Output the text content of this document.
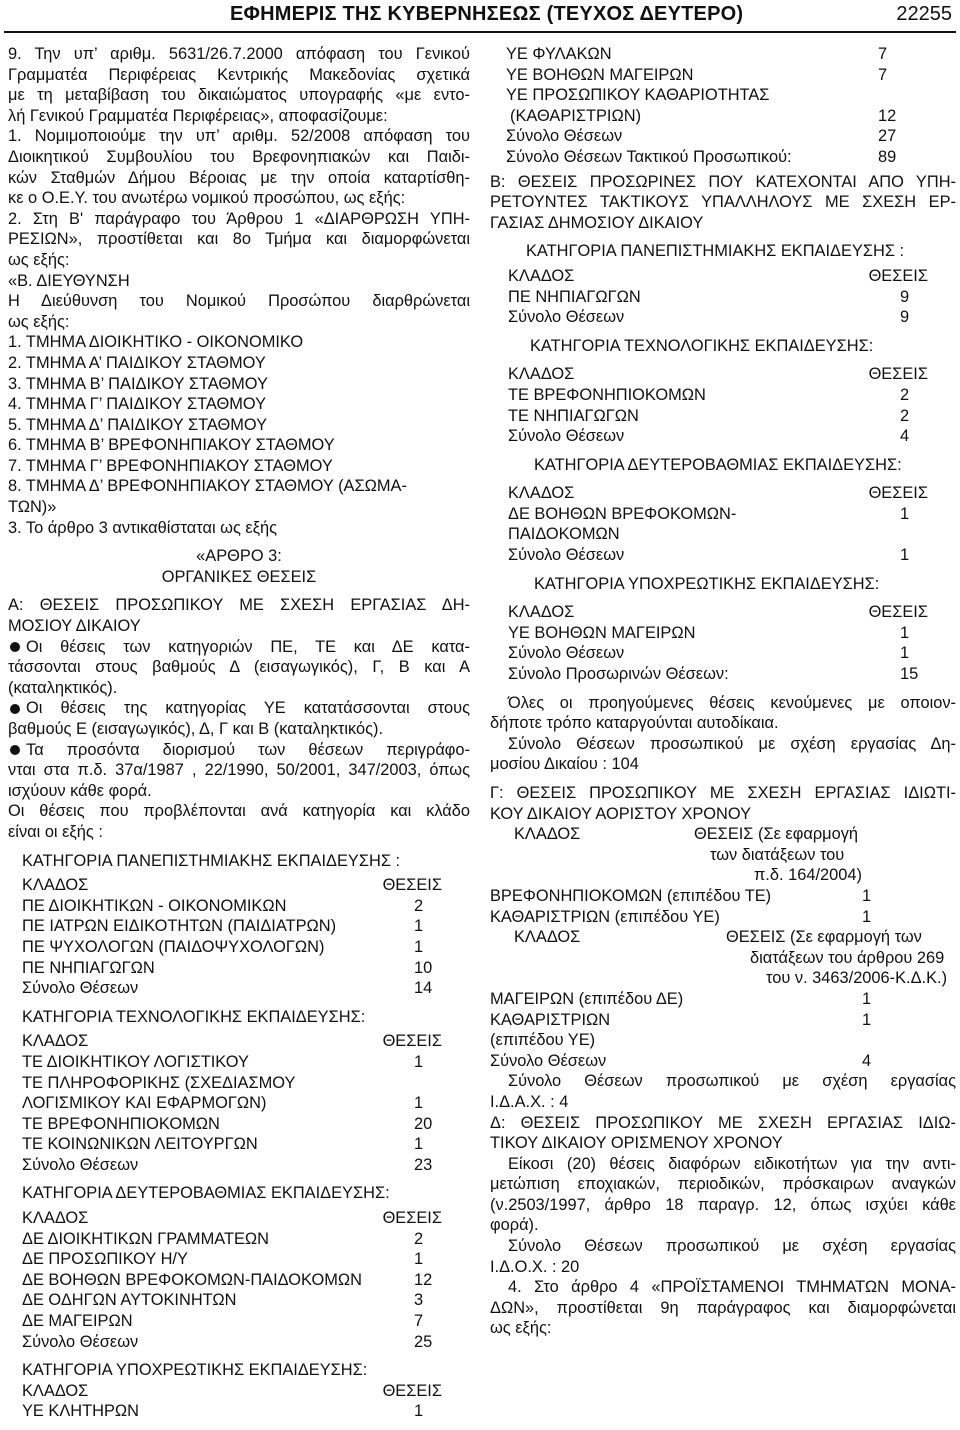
ΕΦΗΜΕΡΙΣ ΤΗΣ ΚΥΒΕΡΝΗΣΕΩΣ (ΤΕΥΧΟΣ ΔΕΥΤΕΡΟ)	22255
9. Την υπ’ αριθμ. 5631/26.7.2000 απόφαση του Γενικού
Γραμματέα Περιφέρειας Κεντρικής Μακεδονίας σχετικά
με τη μεταβίβαση του δικαιώματος υπογραφής «με εντο-
λή Γενικού Γραμματέα Περιφέρειας», αποφασίζουμε:
1. Νομιμοποιούμε την υπ’ αριθμ. 52/2008 απόφαση του
Διοικητικού Συμβουλίου του Βρεφονηπιακών και Παιδι-
κών Σταθμών Δήμου Βέροιας με την οποία καταρτίσθη-
κε ο Ο.Ε.Υ. του ανωτέρω νομικού προσώπου, ως εξής:
2. Στη Β' παράγραφο του Άρθρου 1 «ΔΙΑΡΘΡΩΣΗ ΥΠΗ-
ΡΕΣΙΩΝ», προστίθεται και 8ο Τμήμα και διαμορφώνεται
ως εξής:
«Β. ΔΙΕΥΘΥΝΣΗ
Η Διεύθυνση του Νομικού Προσώπου διαρθρώνεται
ως εξής:
1. ΤΜΗΜΑ ΔΙΟΙΚΗΤΙΚΟ - ΟΙΚΟΝΟΜΙΚΟ
2. ΤΜΗΜΑ Α’ ΠΑΙΔΙΚΟΥ ΣΤΑΘΜΟΥ
3. ΤΜΗΜΑ Β’ ΠΑΙΔΙΚΟΥ ΣΤΑΘΜΟΥ
4. ΤΜΗΜΑ Γ’ ΠΑΙΔΙΚΟΥ ΣΤΑΘΜΟΥ
5. ΤΜΗΜΑ Δ’ ΠΑΙΔΙΚΟΥ ΣΤΑΘΜΟΥ
6. ΤΜΗΜΑ Β’ ΒΡΕΦΟΝΗΠΙΑΚΟΥ ΣΤΑΘΜΟΥ
7. ΤΜΗΜΑ Γ’ ΒΡΕΦΟΝΗΠΙΑΚΟΥ ΣΤΑΘΜΟΥ
8. ΤΜΗΜΑ Δ’ ΒΡΕΦΟΝΗΠΙΑΚΟΥ ΣΤΑΘΜΟΥ (ΑΣΩΜΑ-
ΤΩΝ)»
3. Το άρθρο 3 αντικαθίσταται ως εξής
«ΑΡΘΡΟ 3:
ΟΡΓΑΝΙΚΕΣ ΘΕΣΕΙΣ
Α: ΘΕΣΕΙΣ ΠΡΟΣΩΠΙΚΟΥ ΜΕ ΣΧΕΣΗ ΕΡΓΑΣΙΑΣ ΔΗ-
ΜΟΣΙΟΥ ΔΙΚΑΙΟΥ
Οι θέσεις των κατηγοριών ΠΕ, ΤΕ και ΔΕ κατα-
τάσσονται στους βαθμούς Δ (εισαγωγικός), Γ, Β και Α
(καταληκτικός).
Οι θέσεις της κατηγορίας ΥΕ κατατάσσονται στους
βαθμούς Ε (εισαγωγικός), Δ, Γ και Β (καταληκτικός).
Τα προσόντα διορισμού των θέσεων περιγράφο-
νται στα π.δ. 37α/1987 , 22/1990, 50/2001, 347/2003, όπως
ισχύουν κάθε φορά.
Οι θέσεις που προβλέπονται ανά κατηγορία και κλάδο
είναι οι εξής :
ΚΑΤΗΓΟΡΙΑ ΠΑΝΕΠΙΣΤΗΜΙΑΚΗΣ ΕΚΠΑΙΔΕΥΣΗΣ :
ΚΛΑΔΟΣ	ΘΕΣΕΙΣ
ΠΕ ΔΙΟΙΚΗΤΙΚΩΝ - ΟΙΚΟΝΟΜΙΚΩΝ	2
ΠΕ ΙΑΤΡΩΝ ΕΙΔΙΚΟΤΗΤΩΝ (ΠΑΙΔΙΑΤΡΩΝ)	1
ΠΕ ΨΥΧΟΛΟΓΩΝ (ΠΑΙΔΟΨΥΧΟΛΟΓΩΝ)	1
ΠΕ ΝΗΠΙΑΓΩΓΩΝ	10
Σύνολο Θέσεων	14
ΚΑΤΗΓΟΡΙΑ ΤΕΧΝΟΛΟΓΙΚΗΣ ΕΚΠΑΙΔΕΥΣΗΣ:
ΚΛΑΔΟΣ	ΘΕΣΕΙΣ
ΤΕ ΔΙΟΙΚΗΤΙΚΟΥ ΛΟΓΙΣΤΙΚΟΥ	1
ΤΕ ΠΛΗΡΟΦΟΡΙΚΗΣ (ΣΧΕΔΙΑΣΜΟΥ
ΛΟΓΙΣΜΙΚΟΥ ΚΑΙ ΕΦΑΡΜΟΓΩΝ)	1
ΤΕ ΒΡΕΦΟΝΗΠΙΟΚΟΜΩΝ	20
ΤΕ ΚΟΙΝΩΝΙΚΩΝ ΛΕΙΤΟΥΡΓΩΝ	1
Σύνολο Θέσεων	23
ΚΑΤΗΓΟΡΙΑ ΔΕΥΤΕΡΟΒΑΘΜΙΑΣ ΕΚΠΑΙΔΕΥΣΗΣ:
ΚΛΑΔΟΣ	ΘΕΣΕΙΣ
ΔΕ ΔΙΟΙΚΗΤΙΚΩΝ ΓΡΑΜΜΑΤΕΩΝ	2
ΔΕ ΠΡΟΣΩΠΙΚΟΥ Η/Υ	1
ΔΕ ΒΟΗΘΩΝ ΒΡΕΦΟΚΟΜΩΝ-ΠΑΙΔΟΚΟΜΩΝ	12
ΔΕ ΟΔΗΓΩΝ ΑΥΤΟΚΙΝΗΤΩΝ	3
ΔΕ ΜΑΓΕΙΡΩΝ	7
Σύνολο Θέσεων	25
ΚΑΤΗΓΟΡΙΑ ΥΠΟΧΡΕΩΤΙΚΗΣ ΕΚΠΑΙΔΕΥΣΗΣ:
ΚΛΑΔΟΣ	ΘΕΣΕΙΣ
ΥΕ ΚΛΗΤΗΡΩΝ	1
ΥΕ ΦΥΛΑΚΩΝ	7
ΥΕ ΒΟΗΘΩΝ ΜΑΓΕΙΡΩΝ	7
ΥΕ ΠΡΟΣΩΠΙΚΟΥ ΚΑΘΑΡΙΟΤΗΤΑΣ
(ΚΑΘΑΡΙΣΤΡΙΩΝ)	12
Σύνολο Θέσεων	27
Σύνολο Θέσεων Τακτικού Προσωπικού:	89
Β: ΘΕΣΕΙΣ ΠΡΟΣΩΡΙΝΕΣ ΠΟΥ ΚΑΤΕΧΟΝΤΑΙ ΑΠΟ ΥΠΗ-
ΡΕΤΟΥΝΤΕΣ ΤΑΚΤΙΚΟΥΣ ΥΠΑΛΛΗΛΟΥΣ ΜΕ ΣΧΕΣΗ ΕΡ-
ΓΑΣΙΑΣ ΔΗΜΟΣΙΟΥ ΔΙΚΑΙΟΥ
ΚΑΤΗΓΟΡΙΑ ΠΑΝΕΠΙΣΤΗΜΙΑΚΗΣ ΕΚΠΑΙΔΕΥΣΗΣ :
ΚΛΑΔΟΣ	ΘΕΣΕΙΣ
ΠΕ ΝΗΠΙΑΓΩΓΩΝ	9
Σύνολο Θέσεων	9
ΚΑΤΗΓΟΡΙΑ ΤΕΧΝΟΛΟΓΙΚΗΣ ΕΚΠΑΙΔΕΥΣΗΣ:
ΚΛΑΔΟΣ	ΘΕΣΕΙΣ
ΤΕ ΒΡΕΦΟΝΗΠΙΟΚΟΜΩΝ	2
ΤΕ ΝΗΠΙΑΓΩΓΩΝ	2
Σύνολο Θέσεων	4
ΚΑΤΗΓΟΡΙΑ ΔΕΥΤΕΡΟΒΑΘΜΙΑΣ ΕΚΠΑΙΔΕΥΣΗΣ:
ΚΛΑΔΟΣ	ΘΕΣΕΙΣ
ΔΕ ΒΟΗΘΩΝ ΒΡΕΦΟΚΟΜΩΝ-	1
ΠΑΙΔΟΚΟΜΩΝ
Σύνολο Θέσεων	1
ΚΑΤΗΓΟΡΙΑ ΥΠΟΧΡΕΩΤΙΚΗΣ ΕΚΠΑΙΔΕΥΣΗΣ:
ΚΛΑΔΟΣ	ΘΕΣΕΙΣ
ΥΕ ΒΟΗΘΩΝ ΜΑΓΕΙΡΩΝ	1
Σύνολο Θέσεων	1
Σύνολο Προσωρινών Θέσεων:	15
Όλες οι προηγούμενες θέσεις κενούμενες με οποιον-
δήποτε τρόπο καταργούνται αυτοδίκαια.
Σύνολο Θέσεων προσωπικού με σχέση εργασίας Δη-
μοσίου Δικαίου : 104
Γ: ΘΕΣΕΙΣ ΠΡΟΣΩΠΙΚΟΥ ΜΕ ΣΧΕΣΗ ΕΡΓΑΣΙΑΣ ΙΔΙΩΤΙ-
ΚΟΥ ΔΙΚΑΙΟΥ ΑΟΡΙΣΤΟΥ ΧΡΟΝΟΥ
ΚΛΑΔΟΣ	ΘΕΣΕΙΣ (Σε εφαρμογή
των διατάξεων του
π.δ. 164/2004)
ΒΡΕΦΟΝΗΠΙΟΚΟΜΩΝ (επιπέδου ΤΕ)	1
ΚΑΘΑΡΙΣΤΡΙΩΝ (επιπέδου ΥΕ)	1
ΚΛΑΔΟΣ	ΘΕΣΕΙΣ (Σε εφαρμογή των
διατάξεων του άρθρου 269
του ν. 3463/2006-Κ.Δ.Κ.)
ΜΑΓΕΙΡΩΝ (επιπέδου ΔΕ)	1
ΚΑΘΑΡΙΣΤΡΙΩΝ	1
(επιπέδου ΥΕ)
Σύνολο Θέσεων	4
Σύνολο Θέσεων προσωπικού με σχέση εργασίας
Ι.Δ.Α.Χ. : 4
Δ: ΘΕΣΕΙΣ ΠΡΟΣΩΠΙΚΟΥ ΜΕ ΣΧΕΣΗ ΕΡΓΑΣΙΑΣ ΙΔΙΩ-
ΤΙΚΟΥ ΔΙΚΑΙΟΥ ΟΡΙΣΜΕΝΟΥ ΧΡΟΝΟΥ
Είκοσι (20) θέσεις διαφόρων ειδικοτήτων για την αντι-
μετώπιση εποχιακών, περιοδικών, πρόσκαιρων αναγκών
(ν.2503/1997, άρθρο 18 παραγρ. 12, όπως ισχύει κάθε
φορά).
Σύνολο Θέσεων προσωπικού με σχέση εργασίας
Ι.Δ.Ο.Χ. : 20
4. Στο άρθρο 4 «ΠΡΟΪΣΤΑΜΕΝΟΙ ΤΜΗΜΑΤΩΝ ΜΟΝΑ-
ΔΩΝ», προστίθεται 9η παράγραφος και διαμορφώνεται
ως εξής:
